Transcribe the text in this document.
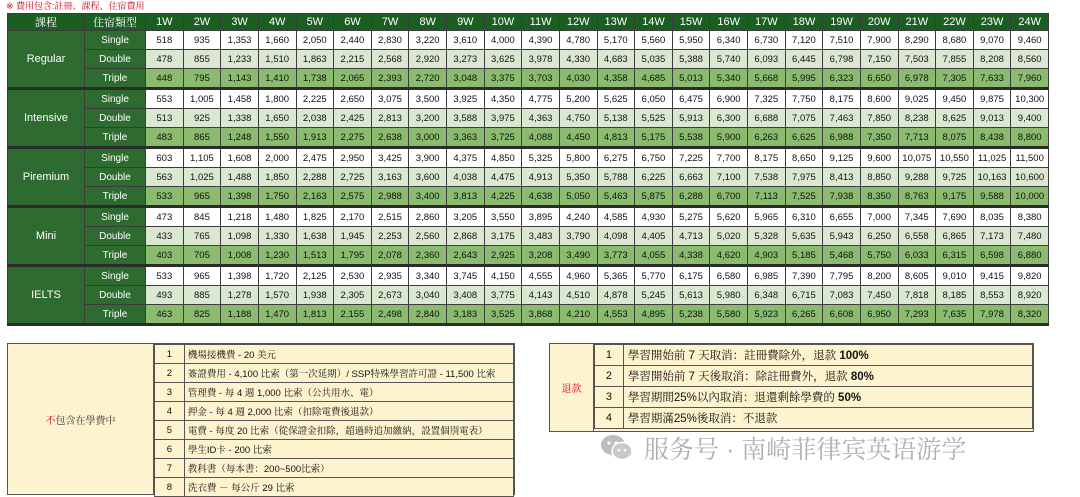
※ 費用包含:註冊、課程、住宿費用
課程	住宿類型	1W	2W	3W	4W	5W	6W	7W	8W	9W	10W	11W	12W	13W	14W	15W	16W	17W	18W	19W	20W	21W	22W	23W	24W
Regular	Single	518	935	1,353	1,660	2,050	2,440	2,830	3,220	3,610	4,000	4,390	4,780	5,170	5,560	5,950	6,340	6,730	7,120	7,510	7,900	8,290	8,680	9,070	9,460
	Double	478	855	1,233	1,510	1,863	2,215	2,568	2,920	3,273	3,625	3,978	4,330	4,683	5,035	5,388	5,740	6,093	6,445	6,798	7,150	7,503	7,855	8,208	8,560
	Triple	448	795	1,143	1,410	1,738	2,065	2,393	2,720	3,048	3,375	3,703	4,030	4,358	4,685	5,013	5,340	5,668	5,995	6,323	6,650	6,978	7,305	7,633	7,960
Intensive	Single	553	1,005	1,458	1,800	2,225	2,650	3,075	3,500	3,925	4,350	4,775	5,200	5,625	6,050	6,475	6,900	7,325	7,750	8,175	8,600	9,025	9,450	9,875	10,300
	Double	513	925	1,338	1,650	2,038	2,425	2,813	3,200	3,588	3,975	4,363	4,750	5,138	5,525	5,913	6,300	6,688	7,075	7,463	7,850	8,238	8,625	9,013	9,400
	Triple	483	865	1,248	1,550	1,913	2,275	2,638	3,000	3,363	3,725	4,088	4,450	4,813	5,175	5,538	5,900	6,263	6,625	6,988	7,350	7,713	8,075	8,438	8,800
Piremium	Single	603	1,105	1,608	2,000	2,475	2,950	3,425	3,900	4,375	4,850	5,325	5,800	6,275	6,750	7,225	7,700	8,175	8,650	9,125	9,600	10,075	10,550	11,025	11,500
	Double	563	1,025	1,488	1,850	2,288	2,725	3,163	3,600	4,038	4,475	4,913	5,350	5,788	6,225	6,663	7,100	7,538	7,975	8,413	8,850	9,288	9,725	10,163	10,600
	Triple	533	965	1,398	1,750	2,163	2,575	2,988	3,400	3,813	4,225	4,638	5,050	5,463	5,875	6,288	6,700	7,113	7,525	7,938	8,350	8,763	9,175	9,588	10,000
Mini	Single	473	845	1,218	1,480	1,825	2,170	2,515	2,860	3,205	3,550	3,895	4,240	4,585	4,930	5,275	5,620	5,965	6,310	6,655	7,000	7,345	7,690	8,035	8,380
	Double	433	765	1,098	1,330	1,638	1,945	2,253	2,560	2,868	3,175	3,483	3,790	4,098	4,405	4,713	5,020	5,328	5,635	5,943	6,250	6,558	6,865	7,173	7,480
	Triple	403	705	1,008	1,230	1,513	1,795	2,078	2,360	2,643	2,925	3,208	3,490	3,773	4,055	4,338	4,620	4,903	5,185	5,468	5,750	6,033	6,315	6,598	6,880
IELTS	Single	533	965	1,398	1,720	2,125	2,530	2,935	3,340	3,745	4,150	4,555	4,960	5,365	5,770	6,175	6,580	6,985	7,390	7,795	8,200	8,605	9,010	9,415	9,820
	Double	493	885	1,278	1,570	1,938	2,305	2,673	3,040	3,408	3,775	4,143	4,510	4,878	5,245	5,613	5,980	6,348	6,715	7,083	7,450	7,818	8,185	8,553	8,920
	Triple	463	825	1,188	1,470	1,813	2,155	2,498	2,840	3,183	3,525	3,868	4,210	4,553	4,895	5,238	5,580	5,923	6,265	6,608	6,950	7,293	7,635	7,978	8,320
不包含在學費中
1	機場接機費 - 20 美元
2	簽證費用 - 4,100 比索（第一次延期）/ SSP特殊學習許可證 - 11,500 比索
3	管理費 - 每 4 週 1,000 比索（公共用水、電）
4	押金 - 每 4 週 2,000 比索（扣除電費後退款）
5	電費 - 每度 20 比索（從保證金扣除，超過時追加繳納，設置個別電表）
6	學生ID卡 - 200 比索
7	教科書（每本書：200~500比索）
8	洗衣費 － 每公斤 29 比索
退款
1	學習開始前 7 天取消：註冊費除外，退款 100%
2	學習開始前 7 天後取消：除註冊費外，退款 80%
3	學習期間25%以內取消：退還剩餘學費的 50%
4	學習期滿25%後取消：不退款
服务号 · 南崎菲律宾英语游学
